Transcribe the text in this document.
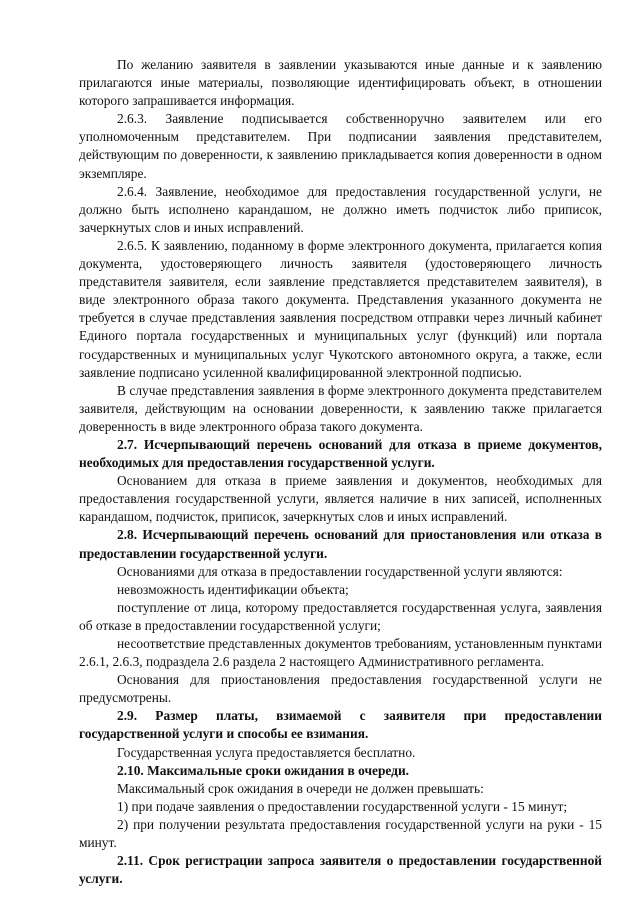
По желанию заявителя в заявлении указываются иные данные и к заявлению прилагаются иные материалы, позволяющие идентифицировать объект, в отношении которого запрашивается информация.

2.6.3. Заявление подписывается собственноручно заявителем или его уполномоченным представителем. При подписании заявления представителем, действующим по доверенности, к заявлению прикладывается копия доверенности в одном экземпляре.

2.6.4. Заявление, необходимое для предоставления государственной услуги, не должно быть исполнено карандашом, не должно иметь подчисток либо приписок, зачеркнутых слов и иных исправлений.

2.6.5. К заявлению, поданному в форме электронного документа, прилагается копия документа, удостоверяющего личность заявителя (удостоверяющего личность представителя заявителя, если заявление представляется представителем заявителя), в виде электронного образа такого документа. Представления указанного документа не требуется в случае представления заявления посредством отправки через личный кабинет Единого портала государственных и муниципальных услуг (функций) или портала государственных и муниципальных услуг Чукотского автономного округа, а также, если заявление подписано усиленной квалифицированной электронной подписью.

В случае представления заявления в форме электронного документа представителем заявителя, действующим на основании доверенности, к заявлению также прилагается доверенность в виде электронного образа такого документа.

2.7. Исчерпывающий перечень оснований для отказа в приеме документов, необходимых для предоставления государственной услуги.

Основанием для отказа в приеме заявления и документов, необходимых для предоставления государственной услуги, является наличие в них записей, исполненных карандашом, подчисток, приписок, зачеркнутых слов и иных исправлений.

2.8. Исчерпывающий перечень оснований для приостановления или отказа в предоставлении государственной услуги.

Основаниями для отказа в предоставлении государственной услуги являются:

невозможность идентификации объекта;

поступление от лица, которому предоставляется государственная услуга, заявления об отказе в предоставлении государственной услуги;

несоответствие представленных документов требованиям, установленным пунктами 2.6.1, 2.6.3, подраздела 2.6 раздела 2 настоящего Административного регламента.

Основания для приостановления предоставления государственной услуги не предусмотрены.

2.9. Размер платы, взимаемой с заявителя при предоставлении государственной услуги и способы ее взимания.

Государственная услуга предоставляется бесплатно.

2.10. Максимальные сроки ожидания в очереди.

Максимальный срок ожидания в очереди не должен превышать:

1) при подаче заявления о предоставлении государственной услуги - 15 минут;

2) при получении результата предоставления государственной услуги на руки - 15 минут.

2.11. Срок регистрации запроса заявителя о предоставлении государственной услуги.
